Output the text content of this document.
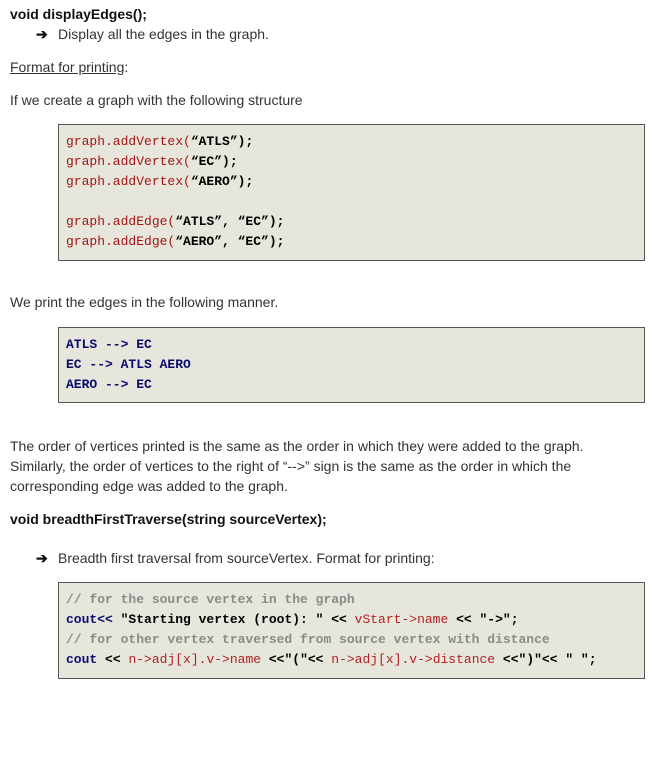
void displayEdges();

➔ Display all the edges in the graph.

Format for printing:

If we create a graph with the following structure

graph.addVertex(“ATLS”);
graph.addVertex(“EC”);
graph.addVertex(“AERO”);

graph.addEdge(“ATLS”, “EC”);
graph.addEdge(“AERO”, “EC”);

We print the edges in the following manner.

ATLS --> EC
EC --> ATLS AERO
AERO --> EC

The order of vertices printed is the same as the order in which they were added to the graph.

Similarly, the order of vertices to the right of “-->” sign is the same as the order in which the

corresponding edge was added to the graph.

void breadthFirstTraverse(string sourceVertex);

➔ Breadth first traversal from sourceVertex. Format for printing:
// for the source vertex in the graph
cout<< "Starting vertex (root): " << vStart->name << "->";
// for other vertex traversed from source vertex with distance
cout << n->adj[x].v->name <<"("<< n->adj[x].v->distance <<")"<< " ";
